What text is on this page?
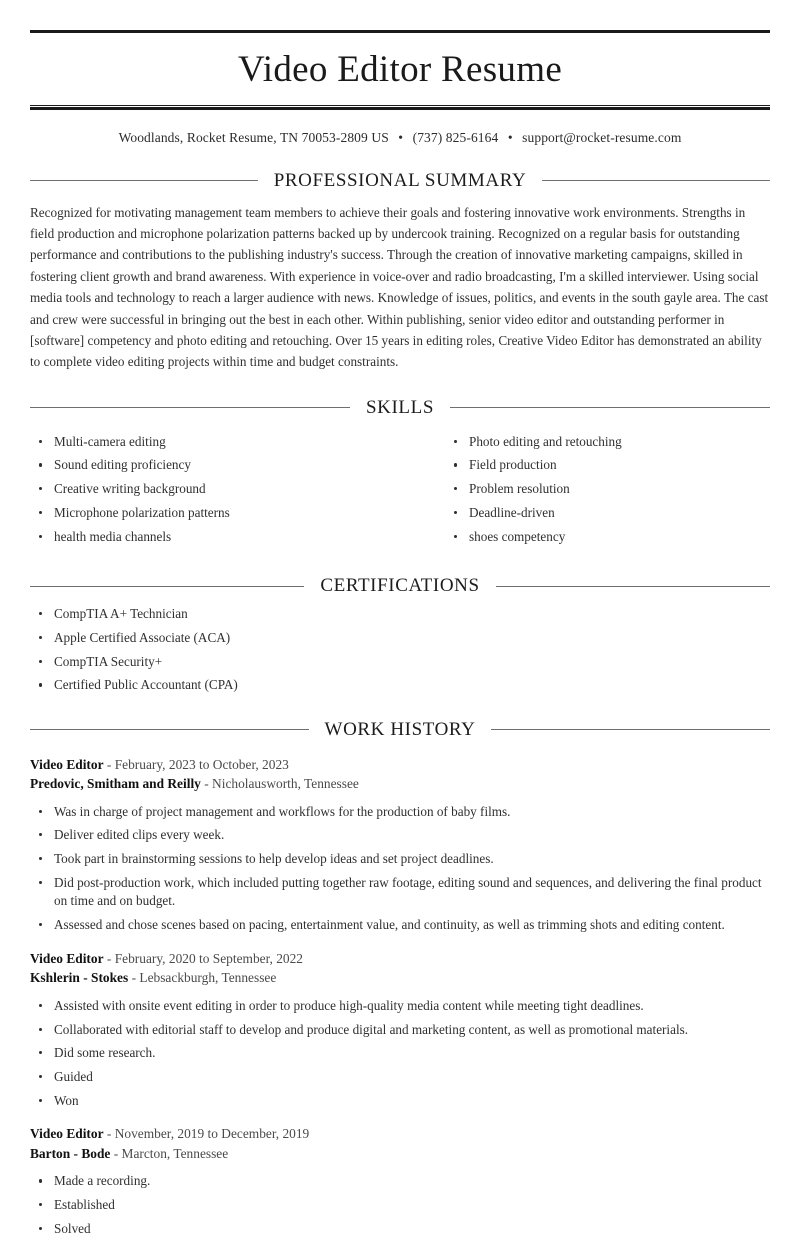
Video Editor Resume
Woodlands, Rocket Resume, TN 70053-2809 US • (737) 825-6164 • support@rocket-resume.com
PROFESSIONAL SUMMARY

Recognized for motivating management team members to achieve their goals and fostering innovative work environments. Strengths in field production and microphone polarization patterns backed up by undercook training. Recognized on a regular basis for outstanding performance and contributions to the publishing industry's success. Through the creation of innovative marketing campaigns, skilled in fostering client growth and brand awareness. With experience in voice-over and radio broadcasting, I'm a skilled interviewer. Using social media tools and technology to reach a larger audience with news. Knowledge of issues, politics, and events in the south gayle area. The cast and crew were successful in bringing out the best in each other. Within publishing, senior video editor and outstanding performer in [software] competency and photo editing and retouching. Over 15 years in editing roles, Creative Video Editor has demonstrated an ability to complete video editing projects within time and budget constraints.

SKILLS
Multi-camera editing
Sound editing proficiency
Creative writing background
Microphone polarization patterns
health media channels
Photo editing and retouching
Field production
Problem resolution
Deadline-driven
shoes competency
CERTIFICATIONS
CompTIA A+ Technician
Apple Certified Associate (ACA)
CompTIA Security+
Certified Public Accountant (CPA)
WORK HISTORY
Video Editor - February, 2023 to October, 2023
Predovic, Smitham and Reilly - Nicholausworth, Tennessee
Was in charge of project management and workflows for the production of baby films.
Deliver edited clips every week.
Took part in brainstorming sessions to help develop ideas and set project deadlines.
Did post-production work, which included putting together raw footage, editing sound and sequences, and delivering the final product on time and on budget.
Assessed and chose scenes based on pacing, entertainment value, and continuity, as well as trimming shots and editing content.
Video Editor - February, 2020 to September, 2022
Kshlerin - Stokes - Lebsackburgh, Tennessee
Assisted with onsite event editing in order to produce high-quality media content while meeting tight deadlines.
Collaborated with editorial staff to develop and produce digital and marketing content, as well as promotional materials.
Did some research.
Guided
Won
Video Editor - November, 2019 to December, 2019
Barton - Bode - Marcton, Tennessee
Made a recording.
Established
Solved
